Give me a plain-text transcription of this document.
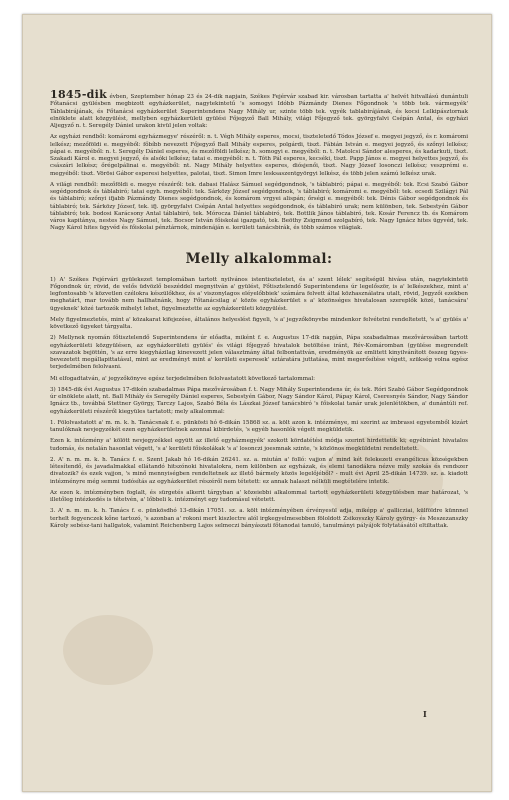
1845-dik évben, Szeptember hónap 23 és 24-dik napjain, Székes Fejérvár szabad kir. városban tartatta a' helvét hitvallású dunántuli Főtanácsi gyülésben megbizott egyházkerület, nagytekintetű 's somogyi Idóbb Pázmándy Dienes Főgondnok 's több tek. vármegyék' Táblabirájának, és Főtanácsi egyházkerület Superintendens Nagy Mihály ur, szinte több tek. vgyék tablabirájának, és kocsi Lelkipásztornak elnöklete alatt közgyülést, mellyben egyházkerületi gyülési Főjegyző Ball Mihály, világi Főjegyző tek. györgyfalvi Csépán Antal, és egyházi Aljegyző n. t. Seregély Dániel urakon kivül jelen voltak:

Az egyházi rendből: komáromi egyházmegye' részéről: n. t. Végh Mihály esperes, mocsi, tiszteletedő Tódos József e. megyei jegyző, és r. komáromi lelkész; mezőföldi e. megyéből: főbíbb nevezett Főjegyző Ball Mihály esperes, polgárdi, tiszt. Fábián István e. megyei jegyző, és szőnyi lelkész; pápai e. megyéből: n. t. Seregély Dániel esperes, és mezőföldi lelkész; h. somogyi e. megyéből: n. t. Matolcsi Sándor alesperes, és kadarkuti, tiszt. Szakadi Károl e. megyei jegyző, és alsóki lelkész; tatai e. megyéből: n. t. Tóth Pál esperes, kecséki, tiszt. Papp János e. megyei helyettes jegyző, és császári lelkész; őrégelpálinai e. megyéből: nt. Nagy Mihály helyettes esperes, diósjenői, tiszt. Nagy József losonczi lelkész; veszprémi e. megyéből: tiszt. Vörösi Gábor esperesi helyettes, palotai, tiszt. Simon Imre lesksaszentgyörgyi lelkész, és több jelen számú lelkész urak.

A világi rendből: mezőföldi e. megye részéről: tek. dabasi Halász Sámuel segédgondnok, 's táblabiró; pápai e. megyéből: tek. Ecsi Szabó Gábor segédgondnok és táblabiró; tatai egyh. megyéből: tek. Sárközy József segédgondnok, 's táblabiró; komáromi e. megyéből: tek. ecsedi Szilágyi Pál és táblabiró; szőnyi ifjabb Pázmándy Dienes segédgondnok, és komárom vrgyei alispán; őrségi e. megyéből: tek. Dénis Gábor segédgondnok és táblabiró; tek. Sárközy József, tek. ifj. györgyfalvi Csépán Antal helyettes segédgondnok, és táblabiró urak; nem különben, tek. Sebestyén Gábor táblabiró; tek. bodosi Karácsony Antal táblabiró, tek. Mórocza Dániel táblabiró, tek. Bottlik János táblabiró, tek. Kosár Ferencz tb. és Komárom város kapitánya, nestes Nagy Sámuel, tek. Bocsor István főiskolai igazgató, tek. Beöthy Zsigmond szolgabíró, tek. Nagy Ignácz hites ügyvéd, tek. Nagy Károl hites ügyvéd és főiskolai pénztárnok, mindenáján e. kerületi tanácsbirák, és több számos világiak.

Melly alkalommal:

1) A' Székes Fejérvári gyülekezet templomában tartott nyilvános istentiszteletet, és a' szent lélek' segítségül hivása után, nagytekintetü Főgondnok úr, rövid, de velős üdvözlő beszéddel megnyitván a' gyülést, Főtisztelendő Superintendens úr legelőször, is a' lelkészekhez, mint a' legfontosabb 's közvetlen czélokra készülőkhez, és a' viszonylagos eléyelőbbiek' számára felvett által közhasználatra utalt, rövid, Jegyzői ezekben meghatárt, mar tovább nem hallhatnánk, hogy Főtanácsilag a' közös egyházkerület s a' közönséges hivatalosan szereplők közé, tanácsára' ügyeknek' közé tartozók mihelyt lehet, figyelmeztette az egyházkerületi közgyülést.

Mely figyelmeztetés, mint a' közakarat kifejezése, általános helyeslést figyeli, 's a' jegyzőkönyvbe mindenkor felvétetni rendeltetett, 's a' gyülés a' következő ügyeket tárgyalta.

2) Mellynek nyomán főtisztelendő Superintendens úr előadta, miként f. e. Augustus 17-dik napján, Pápa szabadalmas mezővárosában tartott egyházkerületi közgyülésen, az egyházkerületi gyülés' és világi főjegyző hivatalok betöltése iránt, Rév-Komáromban (gyülése megrendelt szavazatok bejöttén, 's az erre kiegyházilag kinevezett jelen választmány által felbontattván, eredményök az emlitett kinyilvánított összeg ügyes-bevezetett megállapittatásul, mint az eredményt mint a' kerületi esperesek' sztáratára juttatása, mint megerősítése végett, szükség volna egész terjedelmében felolvasni.

Mi elfogadtatván, a' jegyzőkönyve egész terjedelmében felolvastatott következő tartalommal:

3) 1845-dik évi Augustus 17-dikén szabadalmas Pápa mezővárosában f. t. Nagy Mihály Superintendens úr, és tek. Róri Szabó Gábor Segédgondnok úr elnöklete alatt, nt. Ball Mihály és Seregély Dániel esperes, Sebestyén Gábor, Nagy Sándor Károl, Pápay Károl, Cseresnyés Sándor, Nagy Sándor Ignácz tb., továbbá Stettner György, Tarczy Lajos, Szabó Béla és Lászkai József tanácsbiró 's főiskolai tanár urak jelenlétökben, a' dunántúli ref. egyházkerületi részéről kiegyüles tartatott; mely alkalommal:

1. Fölolvastatott a' m. m. k. h. Tanácsnak f. e. pünkösti hó 6-dikán 15868 sz. a. költ azon k. intézménye, mi szerint az imbrassi egyetemből kizárt tanulóknak nevjegyzékét ezen egyházkerületnek azonnal kibirdetés, 's egyéb hasonlók végett megküldetik.

Ezen k. intézmény a' kölött nevjegyzékkel együtt az illető egyházmegyék' szokott kördatétési módja szerint hirdettetik ki; egyébiránt hivatalos tudomás, és netalán hasonlat végett, 's a' kerületi főiskolákak 's a' losonczi joesmnak szinte, 's közlönos megküldetni rendeltetett.

2. A' n. m. m. k. h. Tanács f. e. Szent Jakab hó 16-dikán 26241. sz. a. miután a' folló: vajjon a' mind két felekezeti evangélicus községekben létesítendő, és javadalmakkal ellátandó hitszónoki hivatalokra, nem különben az egyházak, és elemi tanodákra nézve mily szokás és rendszer divatozik? és ezek vajjon, 's minő mennyiségben rendeltetnek az illető bármely közös legelőjéből? ‑ mult évi April 25-dikán 14739. sz. a. kiadott intézményre még semmi tudósítás az egyházkerület részéről nem tétetett: ez annak halaszt nélküli megtételére intetik.

Az ezen k. intézményben foglalt, és sürgetés alkerit tárgyban a' közeiebbi alkalommal tartott egyházkerületi közgyülésben mar határozat, 's illetőleg intézkedés is tétetvén, a' lőbbeli k. intézményt egy tudomásul vétetett.

3. A' n. m. m. k. h. Tanács f. e. pünkösdhó 13-dikán 17051. sz. a. költ intézményében érvényesül adja, miképp a' gallicziai, külföldre künnnel terhelt fegyenczek kőne tartozó, 's azonban a' rokoni mert kiszlectre alól irgkegyelmesebben föloldott Zsikovszky Károly györgy- és Meszezanszky Károly sebész-tani hallgatok, valamint Reichenberg Lajos selmeczi bányászati főtanodai tanuló, tanulmányi pályájok folytatásától eltiltattak.

I
